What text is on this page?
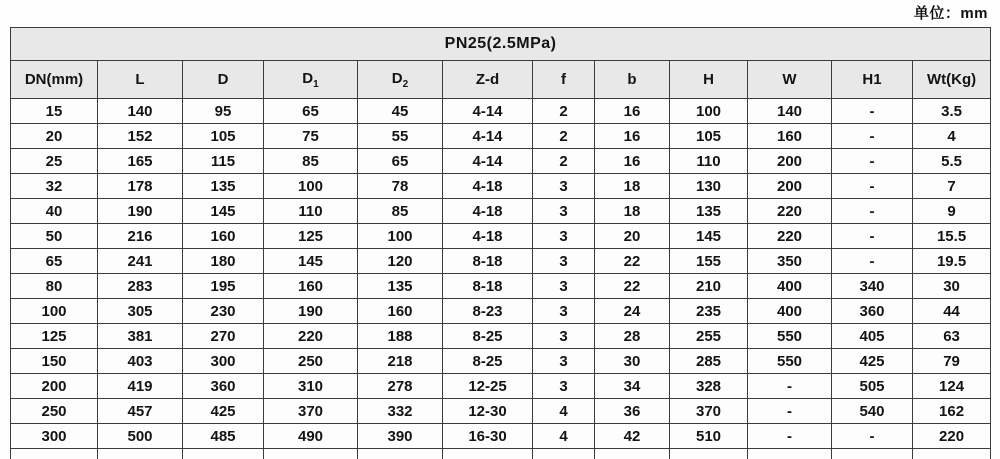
单位：mm
PN25(2.5MPa)											
DN(mm)	L	D	$D_1$	$D_2$	Z-d	f	b	H	W	H1	Wt(Kg)
15	140	95	65	45	4-14	2	16	100	140	-	3.5
20	152	105	75	55	4-14	2	16	105	160	-	4
25	165	115	85	65	4-14	2	16	110	200	-	5.5
32	178	135	100	78	4-18	3	18	130	200	-	7
40	190	145	110	85	4-18	3	18	135	220	-	9
50	216	160	125	100	4-18	3	20	145	220	-	15.5
65	241	180	145	120	8-18	3	22	155	350	-	19.5
80	283	195	160	135	8-18	3	22	210	400	340	30
100	305	230	190	160	8-23	3	24	235	400	360	44
125	381	270	220	188	8-25	3	28	255	550	405	63
150	403	300	250	218	8-25	3	30	285	550	425	79
200	419	360	310	278	12-25	3	34	328	-	505	124
250	457	425	370	332	12-30	4	36	370	-	540	162
300	500	485	490	390	16-30	4	42	510	-	-	220
